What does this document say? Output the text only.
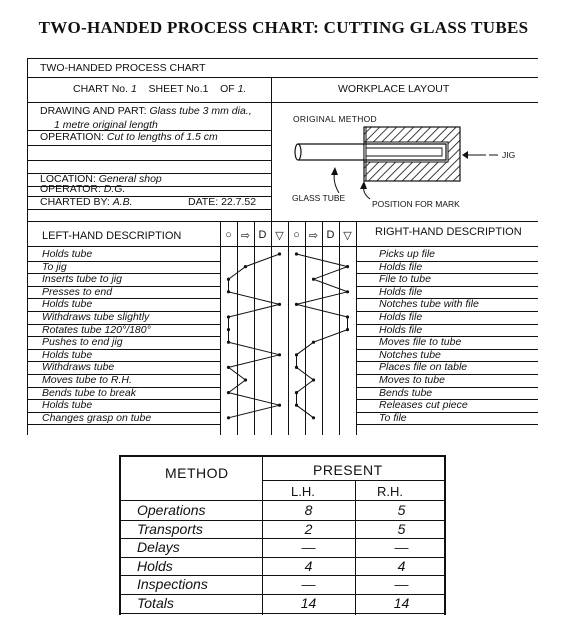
TWO-HANDED PROCESS CHART: CUTTING GLASS TUBES
TWO-HANDED PROCESS CHART
CHART No. 1 SHEET No.1 OF 1.	WORKPLACE LAYOUT
DRAWING AND PART: Glass tube 3 mm dia.,
1 metre original length
OPERATION: Cut to lengths of 1.5 cm
LOCATION: General shop
OPERATOR: D.G.
CHARTED BY: A.B.	DATE: 22.7.52
ORIGINAL METHOD
JIG
GLASS TUBE
POSITION FOR MARK
LEFT-HAND DESCRIPTION	RIGHT-HAND DESCRIPTION
○ ⇨ D ▽ ○ ⇨ D ▽
Holds tube	Picks up file
To jig	Holds file
Inserts tube to jig	File to tube
Presses to end	Holds file
Holds tube	Notches tube with file
Withdraws tube slightly	Holds file
Rotates tube 120°/180°	Holds file
Pushes to end jig	Moves file to tube
Holds tube	Notches tube
Withdraws tube	Places file on table
Moves tube to R.H.	Moves to tube
Bends tube to break	Bends tube
Holds tube	Releases cut piece
Changes grasp on tube	To file
METHOD	PRESENT
L.H.	R.H.
Operations	8	5
Transports	2	5
Delays	—	—
Holds	4	4
Inspections	—	—
Totals	14	14
